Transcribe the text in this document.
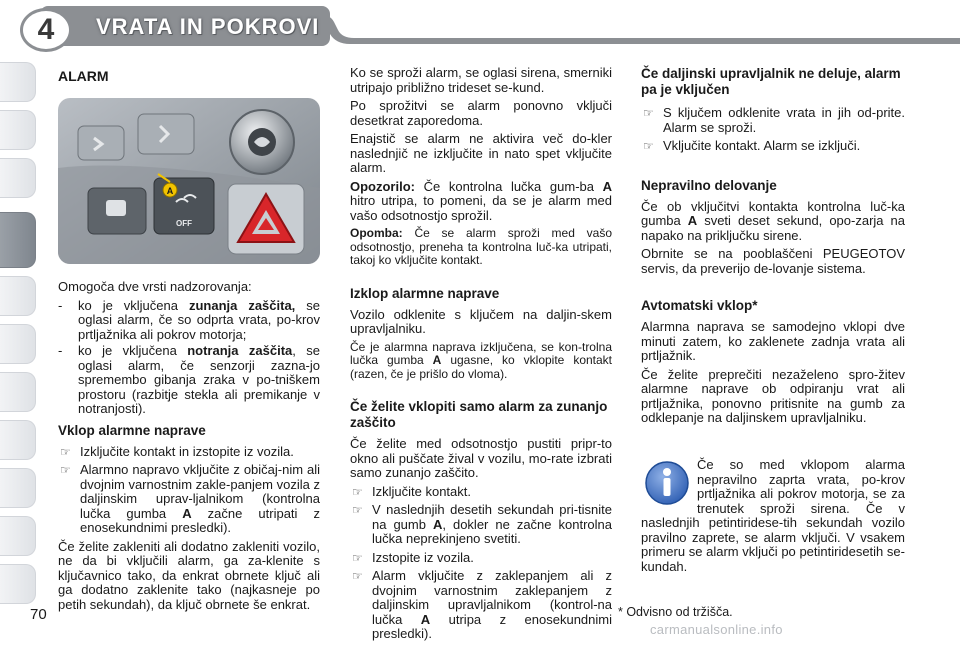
4	VRATA IN POKROVI
ALARM

Omogoča dve vrsti nadzorovanja:

- ko je vključena zunanja zaščita, se oglasi alarm, če so odprta vrata, po-krov prtljažnika ali pokrov motorja;
- ko je vključena notranja zaščita, se oglasi alarm, če senzorji zazna-jo spremembo gibanja zraka v po-tniškem prostoru (razbitje stekla ali premikanje v notranjosti).
Vklop alarmne naprave
☞ Izključite kontakt in izstopite iz vozila.
☞ Alarmno napravo vključite z običaj-nim ali dvojnim varnostnim zakle-panjem vozila z daljinskim uprav-ljalnikom (kontrolna lučka gumba A začne utripati z enosekundnimi presledki).

Če želite zakleniti ali dodatno zakleniti vozilo, ne da bi vključili alarm, ga za-klenite s ključavnico tako, da enkrat obrnete ključ ali ga dodatno zaklenite tako (najkasneje po petih sekundah), da ključ obrnete še enkrat.

A
OFF

Ko se sproži alarm, se oglasi sirena, smerniki utripajo približno trideset se-kund.

Po sprožitvi se alarm ponovno vključi desetkrat zaporedoma.

Enajstič se alarm ne aktivira več do-kler naslednjič ne izključite in nato spet vključite alarm.

Opozorilo: Če kontrolna lučka gum-ba A hitro utripa, to pomeni, da se je alarm med vašo odsotnostjo sprožil.

Opomba: Če se alarm sproži med vašo odsotnostjo, preneha ta kontrolna luč-ka utripati, takoj ko vključite kontakt.

Izklop alarmne naprave

Vozilo odklenite s ključem na daljin-skem upravljalniku.

Če je alarmna naprava izključena, se kon-trolna lučka gumba A ugasne, ko vklopite kontakt (razen, če je prišlo do vloma).

Če želite vklopiti samo alarm za zunanjo zaščito

Če želite med odsotnostjo pustiti pripr-to okno ali puščate žival v vozilu, mo-rate izbrati samo zunanjo zaščito.

☞ Izključite kontakt.
☞ V naslednjih desetih sekundah pri-tisnite na gumb A, dokler ne začne kontrolna lučka neprekinjeno svetiti.
☞ Izstopite iz vozila.
☞ Alarm vključite z zaklepanjem ali z dvojnim varnostnim zaklepanjem z daljinskim upravljalnikom (kontrol-na lučka A utripa z enosekundnimi presledki).
Če daljinski upravljalnik ne deluje, alarm pa je vključen
☞ S ključem odklenite vrata in jih od-prite. Alarm se sproži.
☞ Vključite kontakt. Alarm se izključi.
Nepravilno delovanje

Če ob vključitvi kontakta kontrolna luč-ka gumba A sveti deset sekund, opo-zarja na napako na priključku sirene.

Obrnite se na pooblaščeni PEUGEOTOV servis, da preverijo de-lovanje sistema.

Avtomatski vklop*

Alarmna naprava se samodejno vklopi dve minuti zatem, ko zaklenete zadnja vrata ali prtljažnik.

Če želite preprečiti nezaželeno spro-žitev alarmne naprave ob odpiranju vrat ali prtljažnika, ponovno pritisnite na gumb za odklepanje na daljinskem upravljalniku.

Če so med vklopom alarma nepravilno zaprta vrata, po-krov prtljažnika ali pokrov motorja, se za trenutek sproži sirena. Če v naslednjih petintiridese-tih sekundah vozilo pravilno zaprete, se alarm vključi. V vsakem primeru se alarm vključi po petintiridesetih se-kundah.
* Odvisno od tržišča.
70
carmanualsonline.info
